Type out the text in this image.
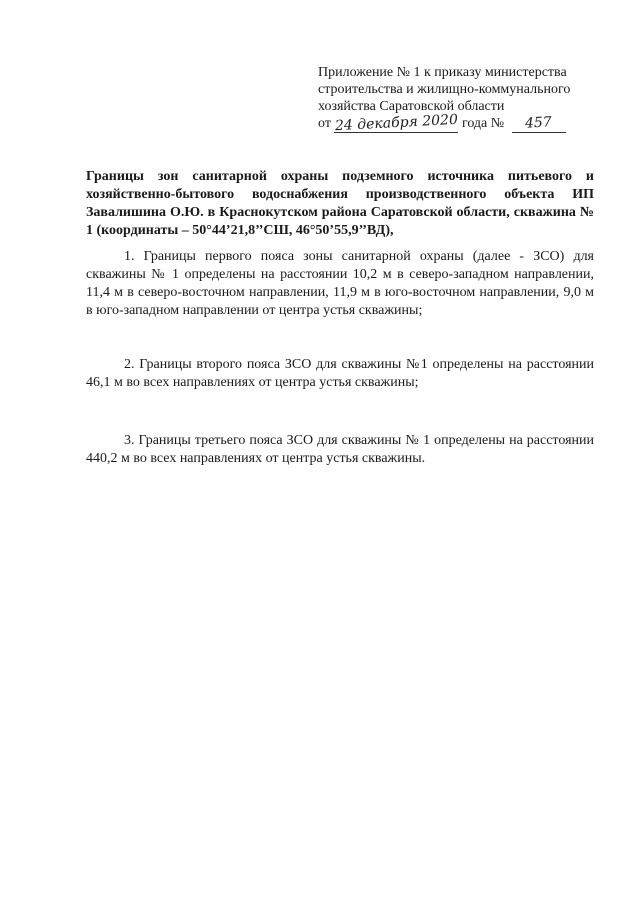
Приложение № 1 к приказу министерства
строительства и жилищно-коммунального
хозяйства Саратовской области
от 24 декабря 2020 года № 457
Границы зон санитарной охраны подземного источника питьевого и хозяйственно-бытового водоснабжения производственного объекта ИП Завалишина О.Ю. в Краснокутском района Саратовской области, скважина № 1 (координаты – 50°44’21,8’’СШ, 46°50’55,9’’ВД),
1. Границы первого пояса зоны санитарной охраны (далее - ЗСО) для скважины № 1 определены на расстоянии 10,2 м в северо-западном направлении, 11,4 м в северо-восточном направлении, 11,9 м в юго-восточном направлении, 9,0 м в юго-западном направлении от центра устья скважины;
2. Границы второго пояса ЗСО для скважины №1 определены на расстоянии 46,1 м во всех направлениях от центра устья скважины;
3. Границы третьего пояса ЗСО для скважины № 1 определены на расстоянии 440,2 м во всех направлениях от центра устья скважины.
